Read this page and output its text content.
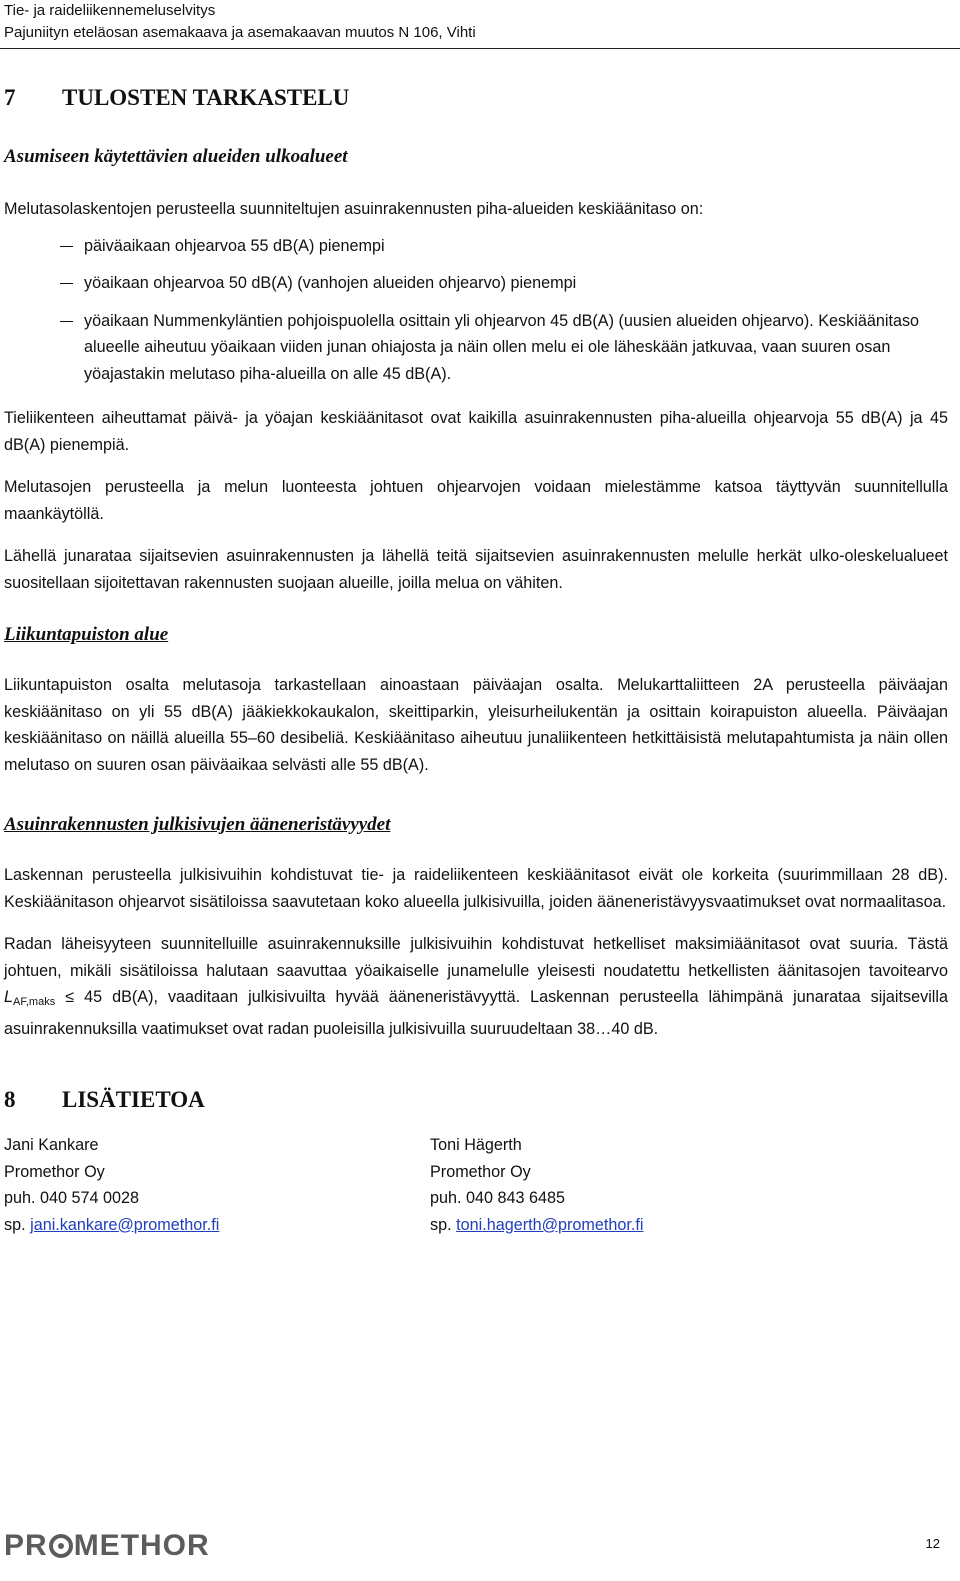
Tie- ja raideliikennemeluselvitys
Pajuniityn eteläosan asemakaava ja asemakaavan muutos N 106, Vihti
7	TULOSTEN TARKASTELU
Asumiseen käytettävien alueiden ulkoalueet

Melutasolaskentojen perusteella suunniteltujen asuinrakennusten piha-alueiden keskiäänitaso on:

päiväaikaan ohjearvoa 55 dB(A) pienempi
yöaikaan ohjearvoa 50 dB(A) (vanhojen alueiden ohjearvo) pienempi
yöaikaan Nummenkyläntien pohjoispuolella osittain yli ohjearvon 45 dB(A) (uusien alueiden ohjearvo). Keskiäänitaso alueelle aiheutuu yöaikaan viiden junan ohiajosta ja näin ollen melu ei ole läheskään jatkuvaa, vaan suuren osan yöajastakin melutaso piha-alueilla on alle 45 dB(A).

Tieliikenteen aiheuttamat päivä- ja yöajan keskiäänitasot ovat kaikilla asuinrakennusten piha-alueilla ohjearvoja 55 dB(A) ja 45 dB(A) pienempiä.

Melutasojen perusteella ja melun luonteesta johtuen ohjearvojen voidaan mielestämme katsoa täyttyvän suunnitellulla maankäytöllä.

Lähellä junarataa sijaitsevien asuinrakennusten ja lähellä teitä sijaitsevien asuinrakennusten melulle herkät ulko-oleskelualueet suositellaan sijoitettavan rakennusten suojaan alueille, joilla melua on vähiten.

Liikuntapuiston alue

Liikuntapuiston osalta melutasoja tarkastellaan ainoastaan päiväajan osalta. Melukarttaliitteen 2A perusteella päiväajan keskiäänitaso on yli 55 dB(A) jääkiekkokaukalon, skeittiparkin, yleisurheilukentän ja osittain koirapuiston alueella. Päiväajan keskiäänitaso on näillä alueilla 55–60 desibeliä. Keskiäänitaso aiheutuu junaliikenteen hetkittäisistä melutapahtumista ja näin ollen melutaso on suuren osan päiväaikaa selvästi alle 55 dB(A).

Asuinrakennusten julkisivujen ääneneristävyydet

Laskennan perusteella julkisivuihin kohdistuvat tie- ja raideliikenteen keskiäänitasot eivät ole korkeita (suurimmillaan 28 dB). Keskiäänitason ohjearvot sisätiloissa saavutetaan koko alueella julkisivuilla, joiden ääneneristävyysvaatimukset ovat normaalitasoa.

Radan läheisyyteen suunnitelluille asuinrakennuksille julkisivuihin kohdistuvat hetkelliset maksimiäänitasot ovat suuria. Tästä johtuen, mikäli sisätiloissa halutaan saavuttaa yöaikaiselle junamelulle yleisesti noudatettu hetkellisten äänitasojen tavoitearvo $L_{AF,maks} \le 45$ dB(A), vaaditaan julkisivuilta hyvää ääneneristävyyttä. Laskennan perusteella lähimpänä junarataa sijaitsevilla asuinrakennuksilla vaatimukset ovat radan puoleisilla julkisivuilla suuruudeltaan 38…40 dB.

8	LISÄTIETOA
Jani Kankare
Promethor Oy
puh. 040 574 0028
sp. jani.kankare@promethor.fi
Toni Hägerth
Promethor Oy
puh. 040 843 6485
sp. toni.hagerth@promethor.fi
PR METHOR	12
